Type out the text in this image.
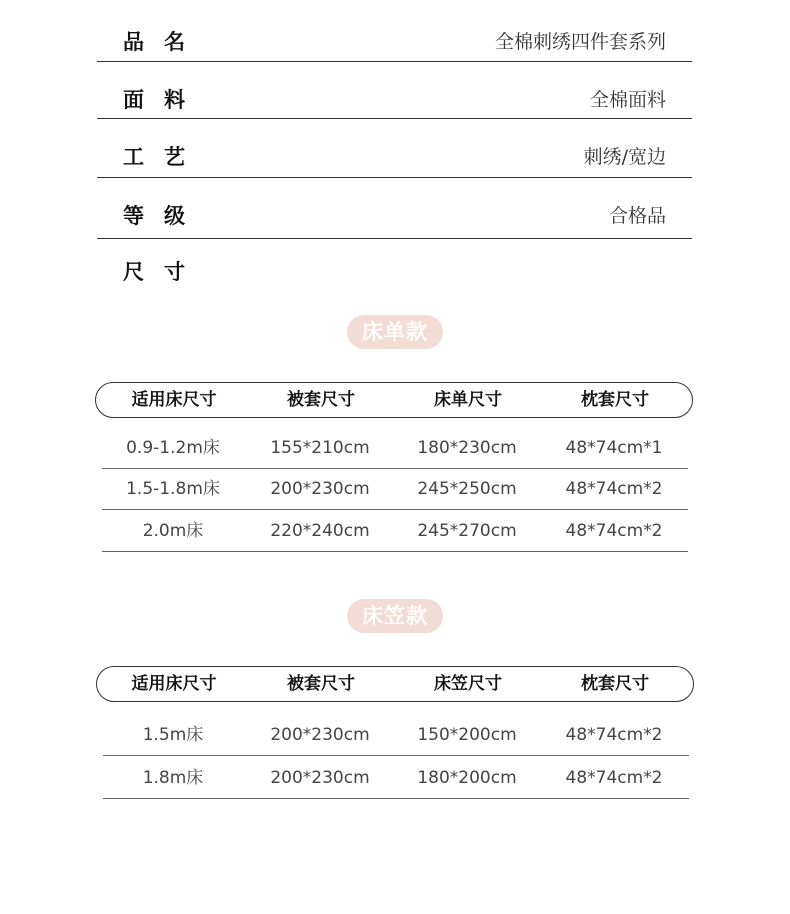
品名	全棉刺绣四件套系列
面料	全棉面料
工艺	刺绣/宽边
等级	合格品
尺寸
床单款
适用床尺寸	被套尺寸	床单尺寸	枕套尺寸
0.9-1.2m床	155*210cm	180*230cm	48*74cm*1
1.5-1.8m床	200*230cm	245*250cm	48*74cm*2
2.0m床	220*240cm	245*270cm	48*74cm*2
床笠款
适用床尺寸	被套尺寸	床笠尺寸	枕套尺寸
1.5m床	200*230cm	150*200cm	48*74cm*2
1.8m床	200*230cm	180*200cm	48*74cm*2
